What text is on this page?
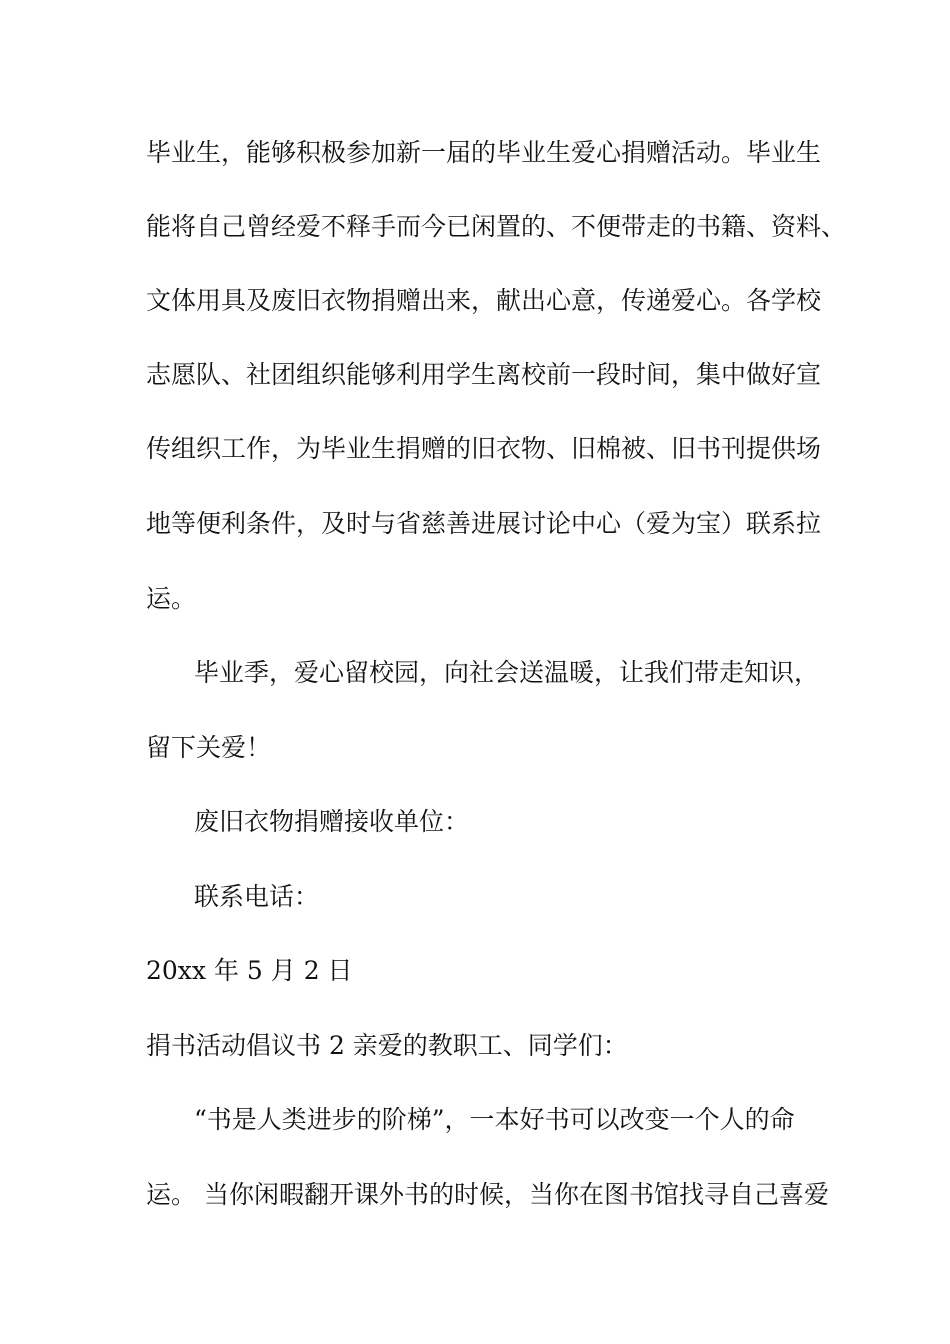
毕业生，能够积极参加新一届的毕业生爱心捐赠活动。毕业生
能将自己曾经爱不释手而今已闲置的、不便带走的书籍、资料、
文体用具及废旧衣物捐赠出来，献出心意，传递爱心。各学校
志愿队、社团组织能够利用学生离校前一段时间，集中做好宣
传组织工作，为毕业生捐赠的旧衣物、旧棉被、旧书刊提供场
地等便利条件，及时与省慈善进展讨论中心（爱为宝）联系拉
运。
毕业季，爱心留校园，向社会送温暖，让我们带走知识，
留下关爱！
废旧衣物捐赠接收单位：
联系电话：
20xx 年 5 月 2 日
捐书活动倡议书 2 亲爱的教职工、同学们：
“书是人类进步的阶梯”，一本好书可以改变一个人的命
运。 当你闲暇翻开课外书的时候，当你在图书馆找寻自己喜爱
